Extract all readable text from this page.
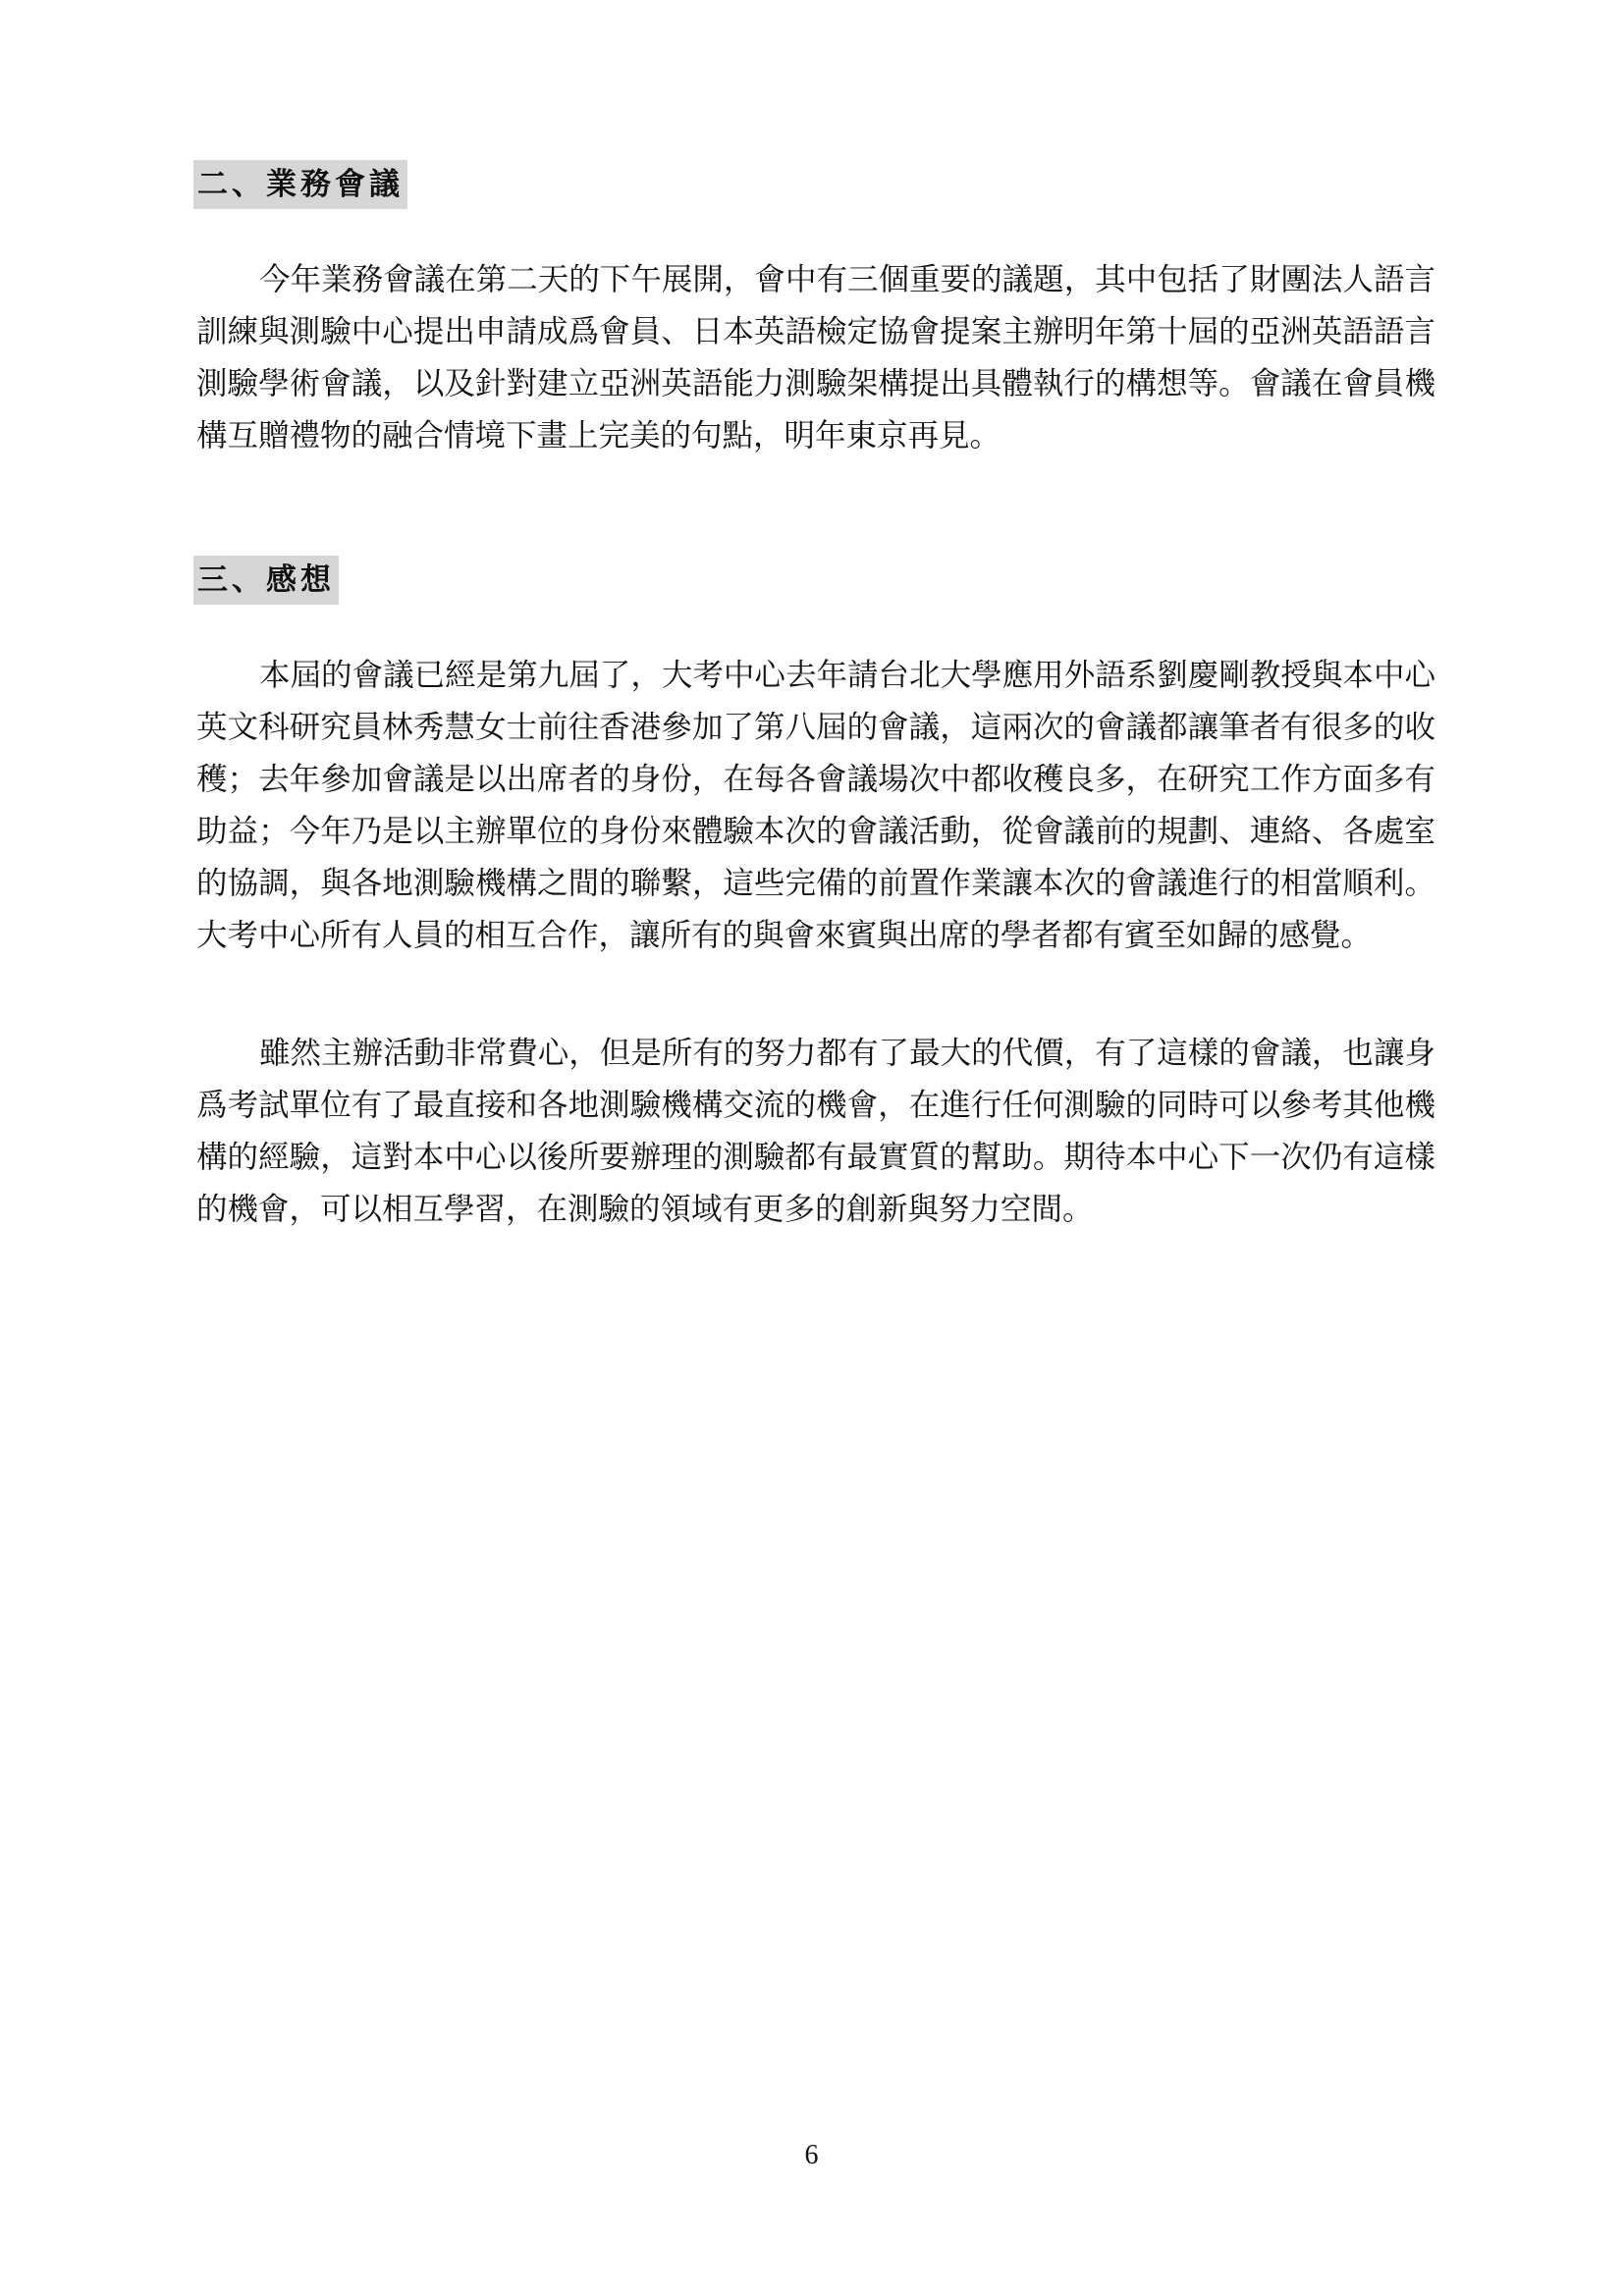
二、業務會議

今年業務會議在第二天的下午展開，會中有三個重要的議題，其中包括了財團法人語言訓練與測驗中心提出申請成爲會員、日本英語檢定協會提案主辦明年第十屆的亞洲英語語言測驗學術會議，以及針對建立亞洲英語能力測驗架構提出具體執行的構想等。會議在會員機構互贈禮物的融合情境下畫上完美的句點，明年東京再見。

三、感想

本屆的會議已經是第九屆了，大考中心去年請台北大學應用外語系劉慶剛教授與本中心英文科研究員林秀慧女士前往香港參加了第八屆的會議，這兩次的會議都讓筆者有很多的收穫；去年參加會議是以出席者的身份，在每各會議場次中都收穫良多，在研究工作方面多有助益；今年乃是以主辦單位的身份來體驗本次的會議活動，從會議前的規劃、連絡、各處室的協調，與各地測驗機構之間的聯繫，這些完備的前置作業讓本次的會議進行的相當順利。大考中心所有人員的相互合作，讓所有的與會來賓與出席的學者都有賓至如歸的感覺。

雖然主辦活動非常費心，但是所有的努力都有了最大的代價，有了這樣的會議，也讓身爲考試單位有了最直接和各地測驗機構交流的機會，在進行任何測驗的同時可以參考其他機構的經驗，這對本中心以後所要辦理的測驗都有最實質的幫助。期待本中心下一次仍有這樣的機會，可以相互學習，在測驗的領域有更多的創新與努力空間。

6
